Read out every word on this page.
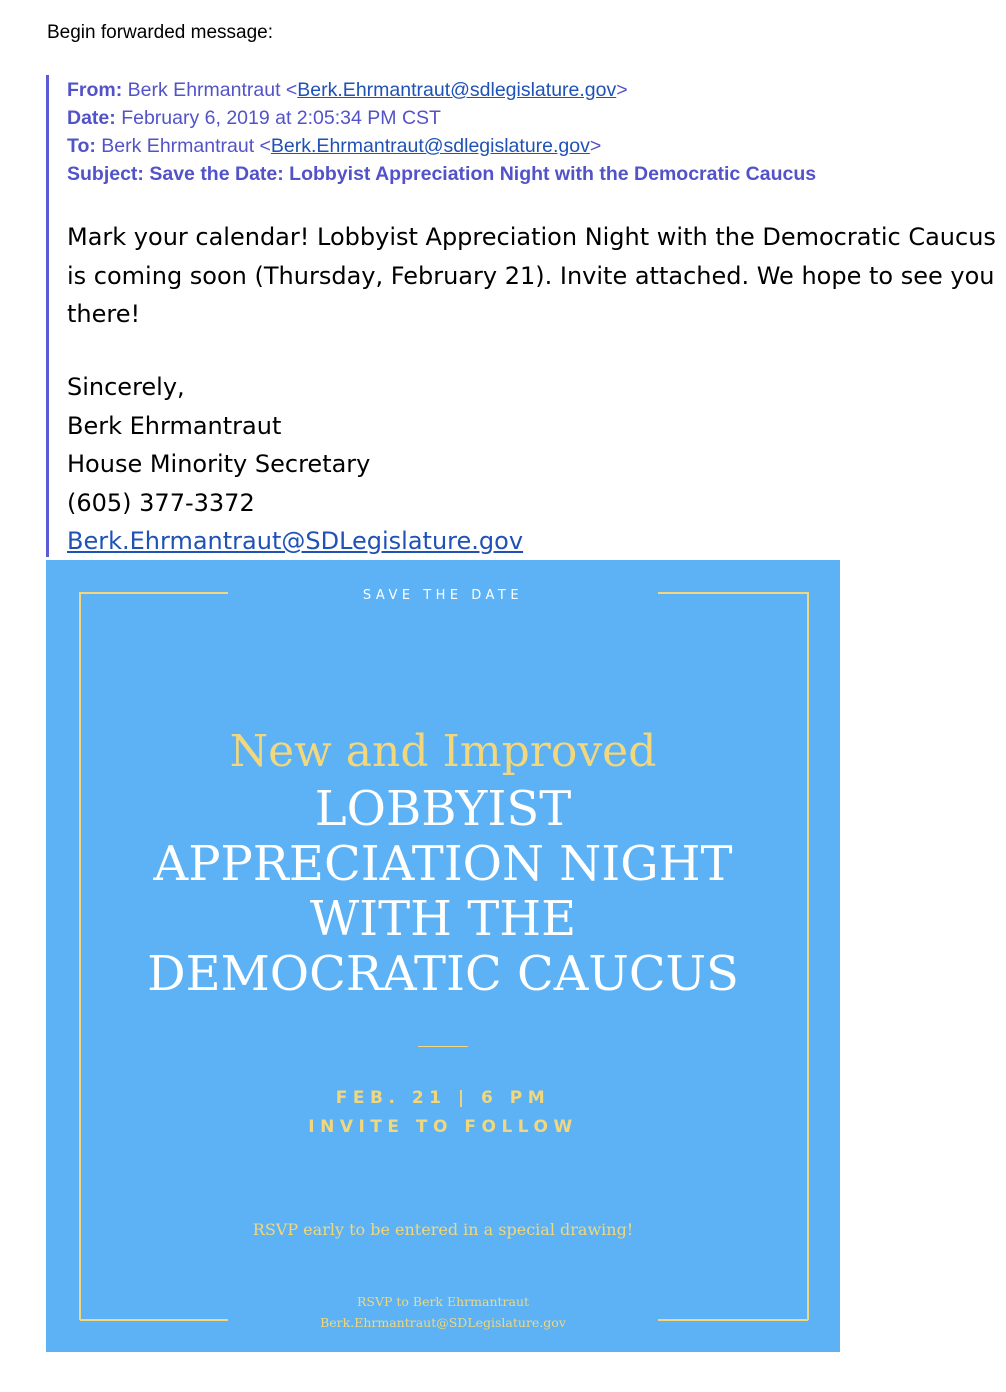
Begin forwarded message:
From: Berk Ehrmantraut <Berk.Ehrmantraut@sdlegislature.gov>
Date: February 6, 2019 at 2:05:34 PM CST
To: Berk Ehrmantraut <Berk.Ehrmantraut@sdlegislature.gov>
Subject: Save the Date: Lobbyist Appreciation Night with the Democratic Caucus
Mark your calendar! Lobbyist Appreciation Night with the Democratic Caucus is coming soon (Thursday, February 21). Invite attached. We hope to see you there!
Sincerely,
Berk Ehrmantraut
House Minority Secretary
(605) 377-3372
Berk.Ehrmantraut@SDLegislature.gov
SAVE THE DATE
New and Improved
LOBBYIST
APPRECIATION NIGHT
WITH THE
DEMOCRATIC CAUCUS
FEB. 21 | 6 PM
INVITE TO FOLLOW
RSVP early to be entered in a special drawing!
RSVP to Berk Ehrmantraut
Berk.Ehrmantraut@SDLegislature.gov
